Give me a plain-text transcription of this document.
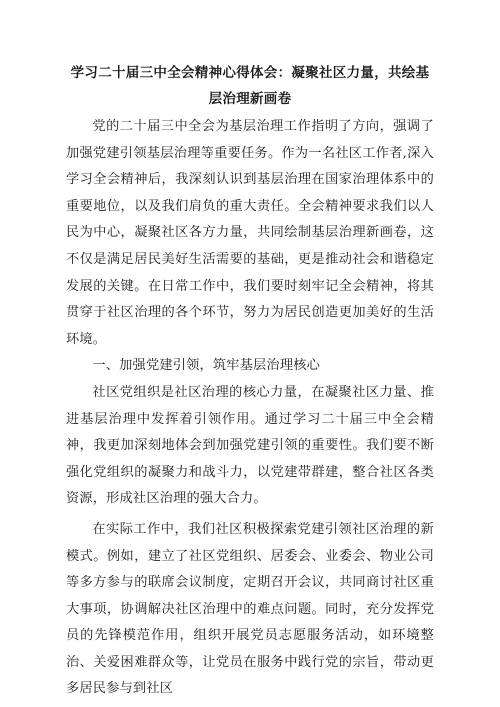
学习二十届三中全会精神心得体会：凝聚社区力量，共绘基
层治理新画卷

党的二十届三中全会为基层治理工作指明了方向，强调了加强党建引领基层治理等重要任务。作为一名社区工作者,深入学习全会精神后，我深刻认识到基层治理在国家治理体系中的重要地位，以及我们肩负的重大责任。全会精神要求我们以人民为中心，凝聚社区各方力量，共同绘制基层治理新画卷，这不仅是满足居民美好生活需要的基础，更是推动社会和谐稳定发展的关键。在日常工作中，我们要时刻牢记全会精神，将其贯穿于社区治理的各个环节，努力为居民创造更加美好的生活环境。

一、加强党建引领，筑牢基层治理核心

社区党组织是社区治理的核心力量，在凝聚社区力量、推进基层治理中发挥着引领作用。通过学习二十届三中全会精神，我更加深刻地体会到加强党建引领的重要性。我们要不断强化党组织的凝聚力和战斗力，以党建带群建，整合社区各类资源，形成社区治理的强大合力。

在实际工作中，我们社区积极探索党建引领社区治理的新模式。例如，建立了社区党组织、居委会、业委会、物业公司等多方参与的联席会议制度，定期召开会议，共同商讨社区重大事项，协调解决社区治理中的难点问题。同时，充分发挥党员的先锋模范作用，组织开展党员志愿服务活动，如环境整治、关爱困难群众等，让党员在服务中践行党的宗旨，带动更多居民参与到社区
